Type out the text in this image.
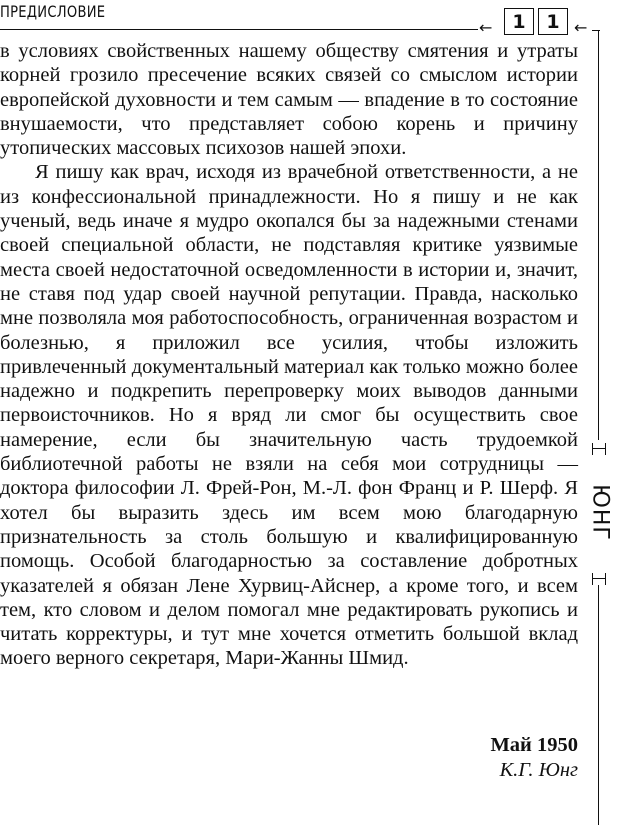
ПРЕДИСЛОВИЕ
←	1	1 ←
ЮНГ

в условиях свойственных нашему обществу смятения и утраты корней грозило пресечение всяких связей со смыслом истории европейской духовности и тем самым — впадение в то состояние внушаемости, что представляет собою корень и причину утопических массовых психозов нашей эпохи.

Я пишу как врач, исходя из врачебной ответственности, а не из конфессиональной принадлежности. Но я пишу и не как ученый, ведь иначе я мудро окопался бы за надежными стенами своей специальной области, не подставляя критике уязвимые места своей недостаточной осведомленности в истории и, значит, не ставя под удар своей научной репутации. Правда, насколько мне позволяла моя работоспособность, ограниченная возрастом и болезнью, я приложил все усилия, чтобы изложить привлеченный документальный материал как только можно более надежно и подкрепить перепроверку моих выводов данными первоисточников. Но я вряд ли смог бы осуществить свое намерение, если бы значительную часть трудоемкой библиотечной работы не взяли на себя мои сотрудницы — доктора философии Л. Фрей-Рон, М.-Л. фон Франц и Р. Шерф. Я хотел бы выразить здесь им всем мою благодарную признательность за столь большую и квалифицированную помощь. Особой благодарностью за составление добротных указателей я обязан Лене Хурвиц-Айснер, а кроме того, и всем тем, кто словом и делом помогал мне редактировать рукопись и читать корректуры, и тут мне хочется отметить большой вклад моего верного секретаря, Мари-Жанны Шмид.

Май 1950
К.Г. Юнг
